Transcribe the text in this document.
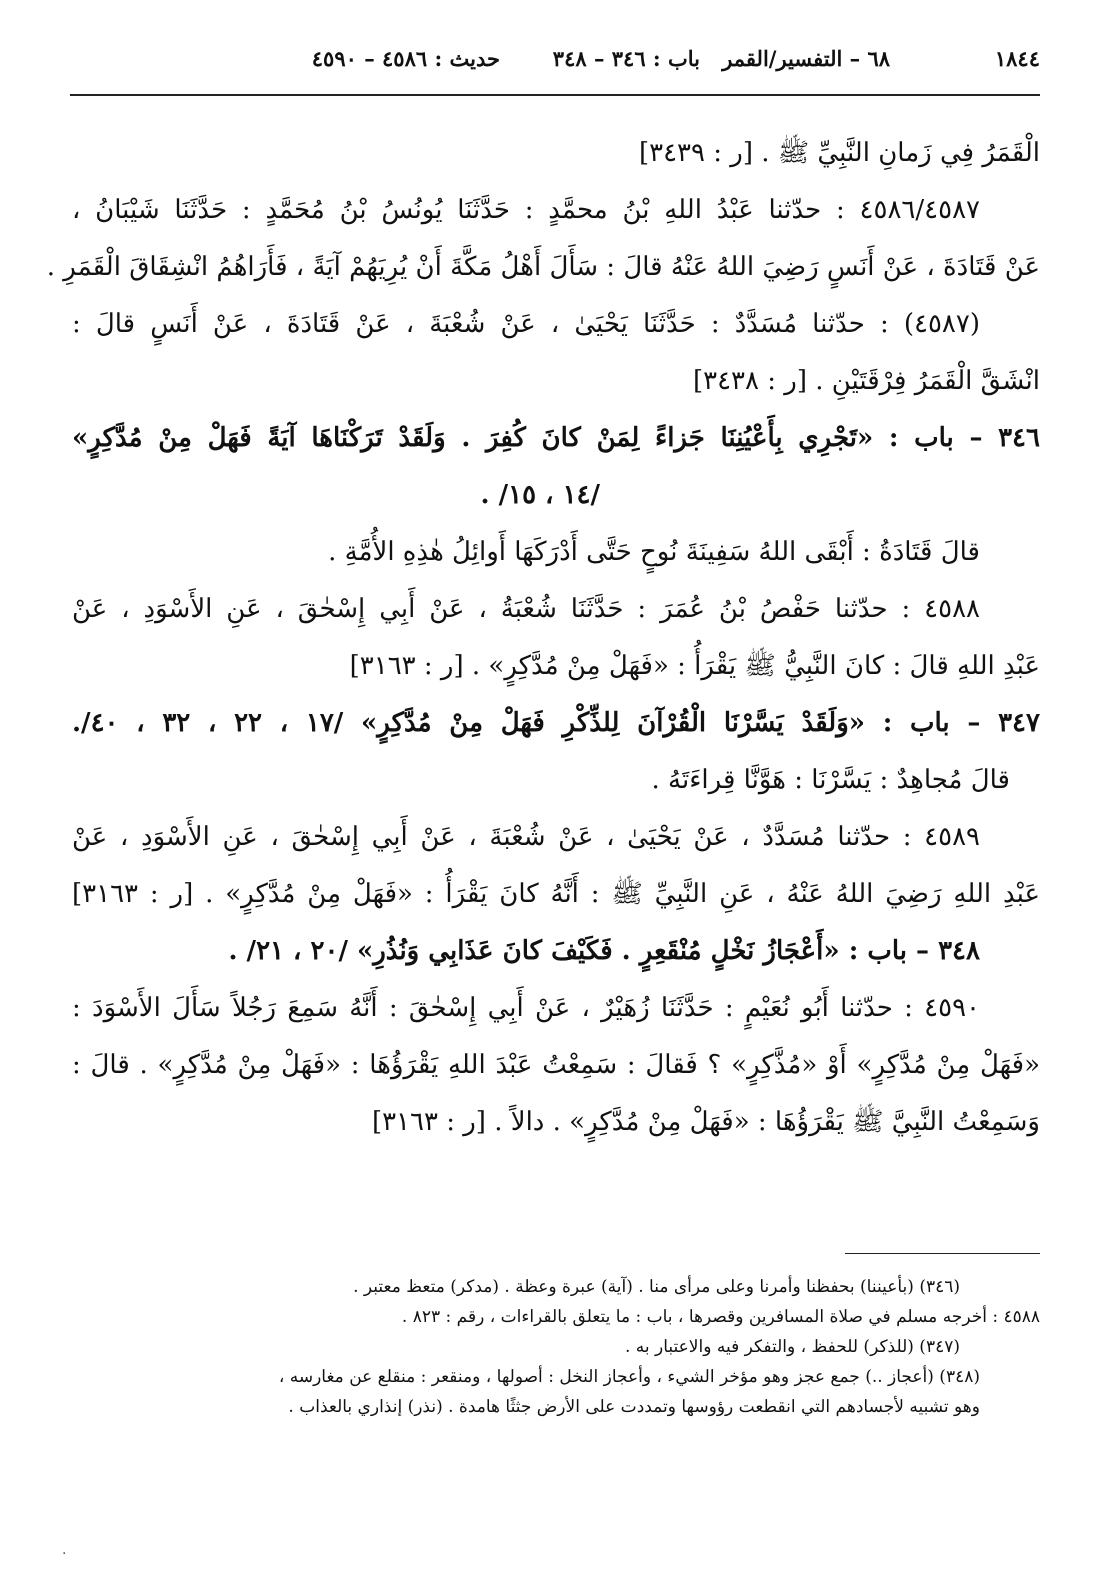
١٨٤٤
٦٨ – التفسير/القمر
باب : ٣٤٦ – ٣٤٨
حديث : ٤٥٨٦ – ٤٥٩٠
الْقَمَرُ فِي زَمانِ النَّبِيِّ ﷺ . [ر : ٣٤٣٩]
٤٥٨٦/٤٥٨٧ : حدّثنا عَبْدُ اللهِ بْنُ محمَّدٍ : حَدَّثَنَا يُونُسُ بْنُ مُحَمَّدٍ : حَدَّثَنَا شَيْبَانُ ،
عَنْ قَتَادَةَ ، عَنْ أَنَسٍ رَضِيَ اللهُ عَنْهُ قالَ : سَأَلَ أَهْلُ مَكَّةَ أَنْ يُرِيَهُمْ آيَةً ، فَأَرَاهُمُ انْشِقَاقَ الْقَمَرِ .
(٤٥٨٧) : حدّثنا مُسَدَّدٌ : حَدَّثَنَا يَحْيَىٰ ، عَنْ شُعْبَةَ ، عَنْ قَتَادَةَ ، عَنْ أَنَسٍ قالَ :
انْشَقَّ الْقَمَرُ فِرْقَتَيْنِ . [ر : ٣٤٣٨]
٣٤٦ – باب : «تَجْرِي بِأَعْيُنِنَا جَزاءً لِمَنْ كانَ كُفِرَ . وَلَقَدْ تَرَكْنَاهَا آيَةً فَهَلْ مِنْ مُدَّكِرٍ»
/١٤ ، ١٥/ .
قالَ قَتَادَةُ : أَبْقَى اللهُ سَفِينَةَ نُوحٍ حَتَّى أَدْرَكَهَا أَوائِلُ هٰذِهِ الأُمَّةِ .
٤٥٨٨ : حدّثنا حَفْصُ بْنُ عُمَرَ : حَدَّثَنَا شُعْبَةُ ، عَنْ أَبِي إِسْحٰقَ ، عَنِ الأَسْوَدِ ، عَنْ
عَبْدِ اللهِ قالَ : كانَ النَّبِيُّ ﷺ يَقْرَأُ : «فَهَلْ مِنْ مُدَّكِرٍ» . [ر : ٣١٦٣]
٣٤٧ – باب : «وَلَقَدْ يَسَّرْنَا الْقُرْآنَ لِلذِّكْرِ فَهَلْ مِنْ مُدَّكِرٍ» /١٧ ، ٢٢ ، ٣٢ ، ٤٠/.
قالَ مُجاهِدٌ : يَسَّرْنَا : هَوَّنَّا قِراءَتَهُ .
٤٥٨٩ : حدّثنا مُسَدَّدٌ ، عَنْ يَحْيَىٰ ، عَنْ شُعْبَةَ ، عَنْ أَبِي إِسْحٰقَ ، عَنِ الأَسْوَدِ ، عَنْ
عَبْدِ اللهِ رَضِيَ اللهُ عَنْهُ ، عَنِ النَّبِيِّ ﷺ : أَنَّهُ كانَ يَقْرَأُ : «فَهَلْ مِنْ مُدَّكِرٍ» . [ر : ٣١٦٣]
٣٤٨ – باب : «أَعْجَازُ نَخْلٍ مُنْقَعِرٍ . فَكَيْفَ كانَ عَذَابِي وَنُذُرِ» /٢٠ ، ٢١/ .
٤٥٩٠ : حدّثنا أَبُو نُعَيْمٍ : حَدَّثَنَا زُهَيْرٌ ، عَنْ أَبِي إِسْحٰقَ : أَنَّهُ سَمِعَ رَجُلاً سَأَلَ الأَسْوَدَ :
«فَهَلْ مِنْ مُدَّكِرٍ» أَوْ «مُذَّكِرٍ» ؟ فَقالَ : سَمِعْتُ عَبْدَ اللهِ يَقْرَؤُهَا : «فَهَلْ مِنْ مُدَّكِرٍ» . قالَ :
وَسَمِعْتُ النَّبِيَّ ﷺ يَقْرَؤُهَا : «فَهَلْ مِنْ مُدَّكِرٍ» . دالاً . [ر : ٣١٦٣]
(٣٤٦) (بأعيننا) بحفظنا وأمرنا وعلى مرأى منا . (آية) عبرة وعظة . (مدكر) متعظ معتبر .
٤٥٨٨ : أخرجه مسلم في صلاة المسافرين وقصرها ، باب : ما يتعلق بالقراءات ، رقم : ٨٢٣ .
(٣٤٧) (للذكر) للحفظ ، والتفكر فيه والاعتبار به .
(٣٤٨) (أعجاز ..) جمع عجز وهو مؤخر الشيء ، وأعجاز النخل : أصولها ، ومنقعر : منقلع عن مغارسه ،
وهو تشبيه لأجسادهم التي انقطعت رؤوسها وتمددت على الأرض جثثًا هامدة . (نذر) إنذاري بالعذاب .
·
